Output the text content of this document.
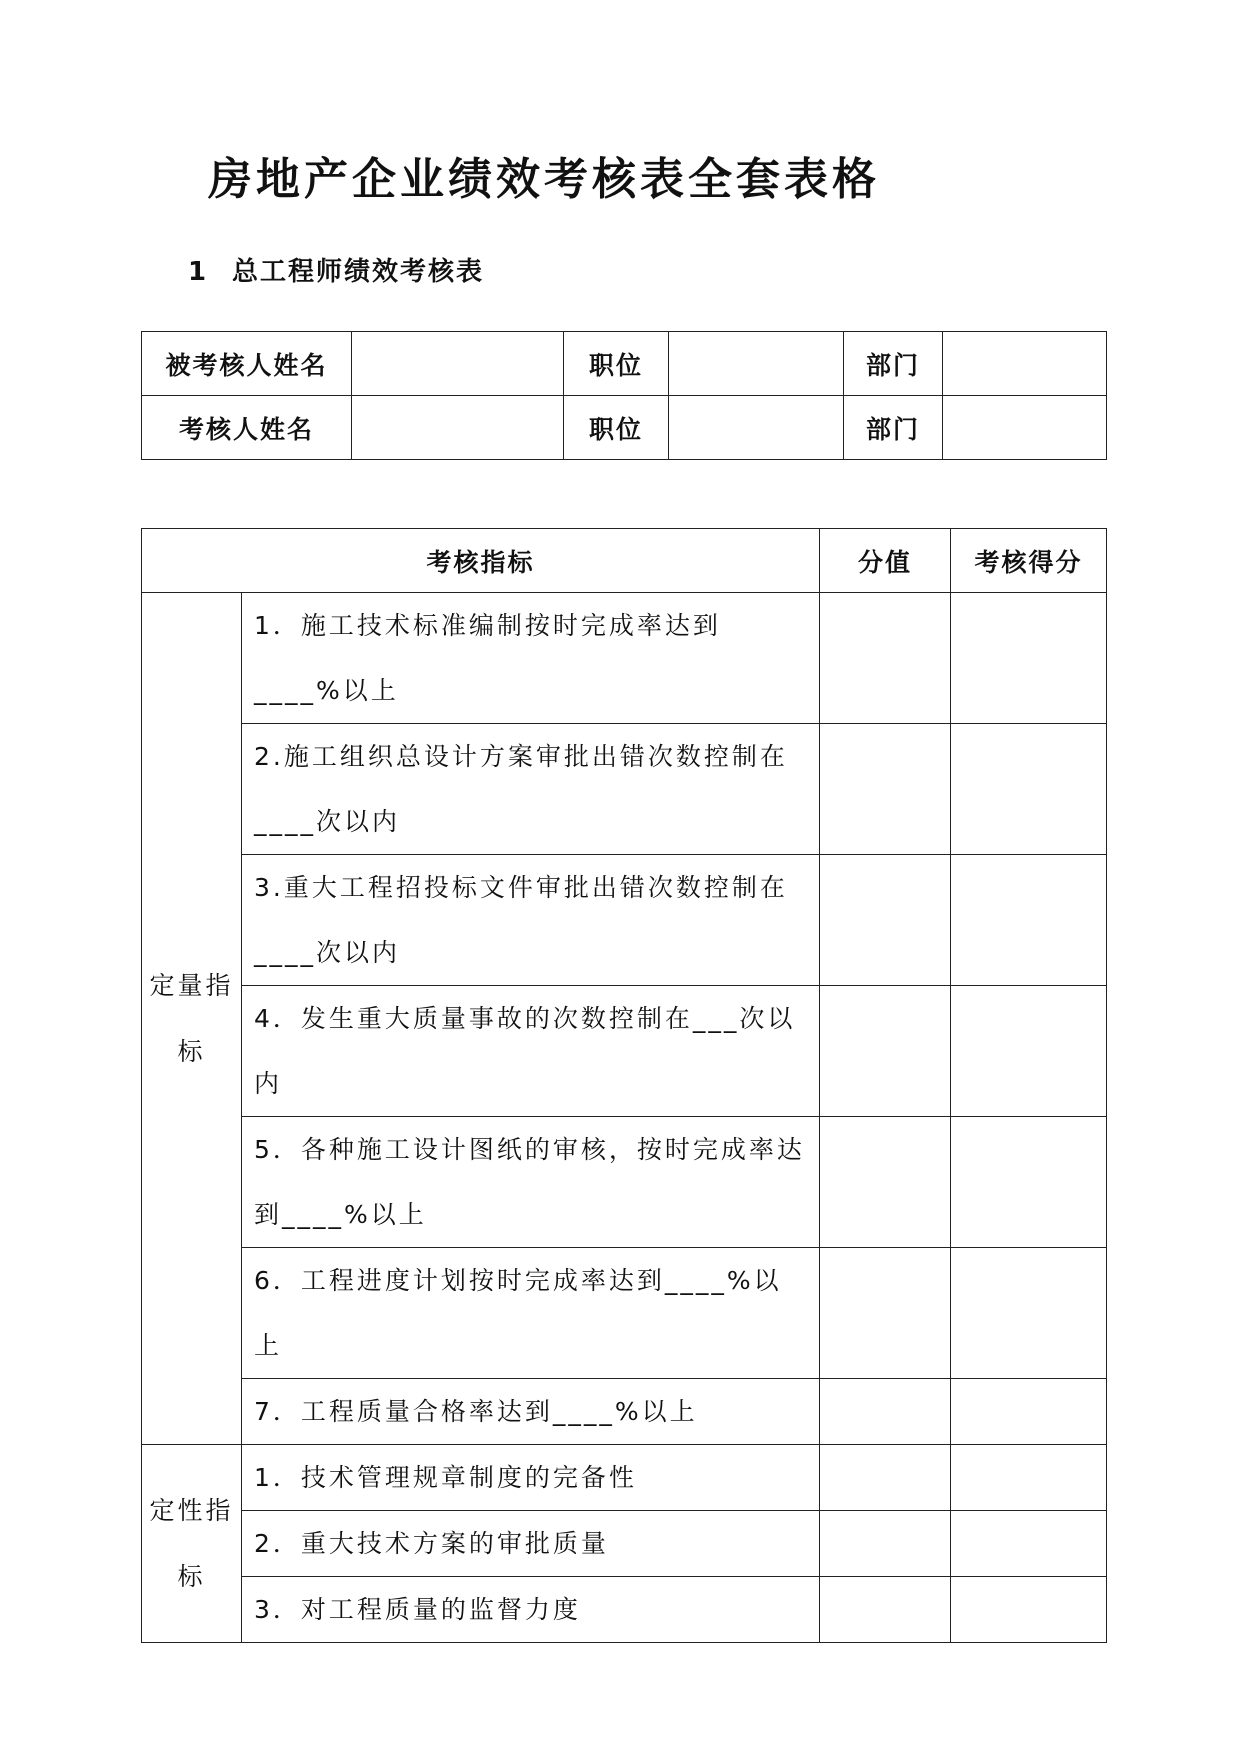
房地产企业绩效考核表全套表格
1 总工程师绩效考核表
被考核人姓名		职位		部门	
考核人姓名		职位		部门	
考核指标		分值	考核得分
定量指标	1．施工技术标准编制按时完成率达到____%以上		
	2.施工组织总设计方案审批出错次数控制在____次以内		
	3.重大工程招投标文件审批出错次数控制在____次以内		
	4．发生重大质量事故的次数控制在___次以内		
	5．各种施工设计图纸的审核，按时完成率达到____%以上		
	6．工程进度计划按时完成率达到____%以上		
	7．工程质量合格率达到____%以上		
定性指标	1．技术管理规章制度的完备性		
	2．重大技术方案的审批质量		
	3．对工程质量的监督力度		
